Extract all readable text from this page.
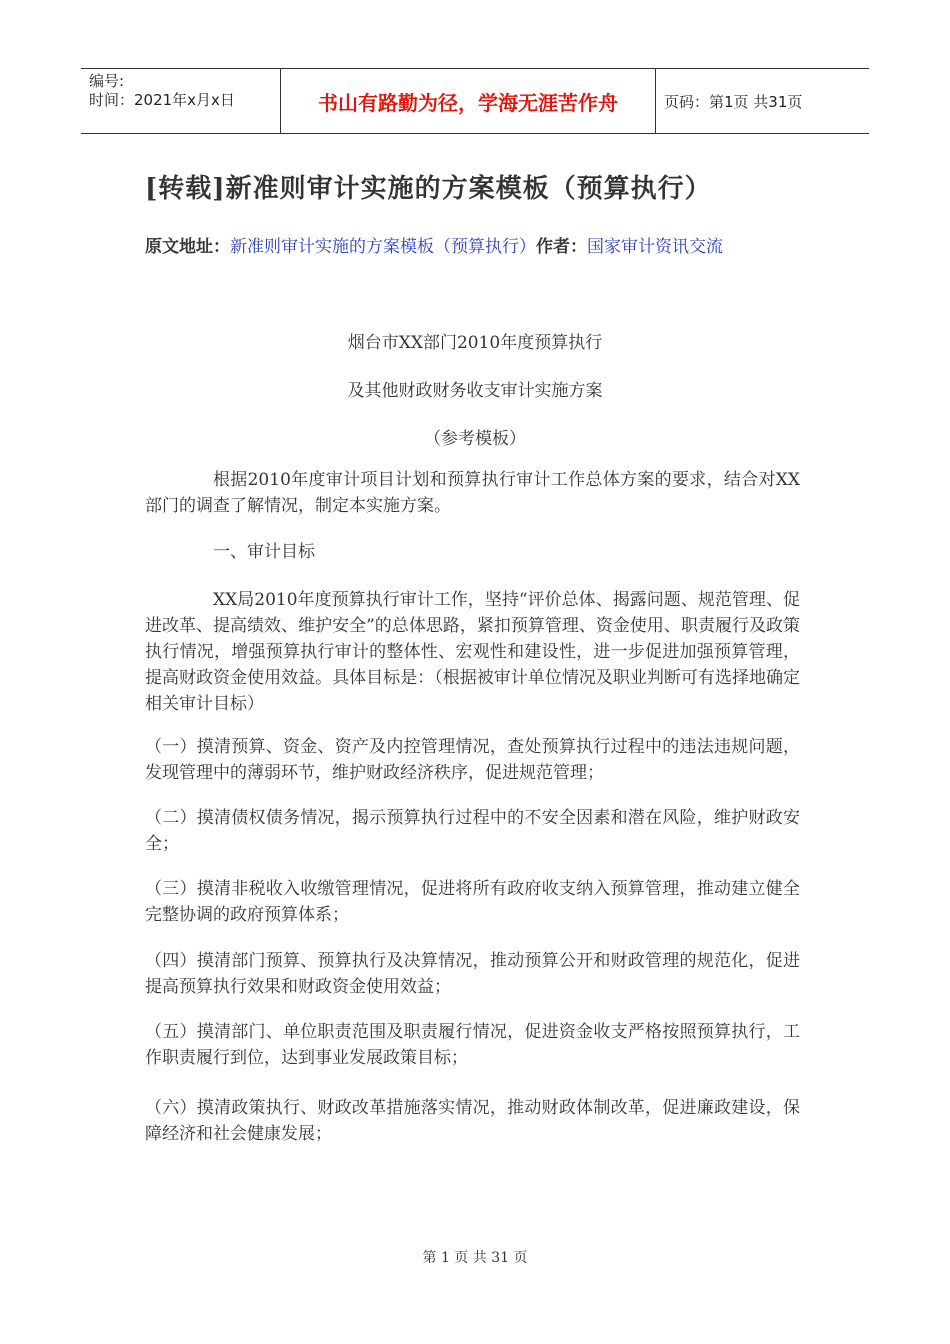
编号:
时间：2021年x月x日	书山有路勤为径，学海无涯苦作舟	页码：第1页 共31页
[转载]新准则审计实施的方案模板（预算执行）
原文地址：新准则审计实施的方案模板（预算执行）作者：国家审计资讯交流
烟台市XX部门2010年度预算执行
及其他财政财务收支审计实施方案
（参考模板）
根据2010年度审计项目计划和预算执行审计工作总体方案的要求，结合对XX部门的调查了解情况，制定本实施方案。
一、审计目标
XX局2010年度预算执行审计工作，坚持“评价总体、揭露问题、规范管理、促进改革、提高绩效、维护安全”的总体思路，紧扣预算管理、资金使用、职责履行及政策执行情况，增强预算执行审计的整体性、宏观性和建设性，进一步促进加强预算管理，提高财政资金使用效益。具体目标是：（根据被审计单位情况及职业判断可有选择地确定相关审计目标）
（一）摸清预算、资金、资产及内控管理情况，查处预算执行过程中的违法违规问题，发现管理中的薄弱环节，维护财政经济秩序，促进规范管理；
（二）摸清债权债务情况，揭示预算执行过程中的不安全因素和潜在风险，维护财政安全；
（三）摸清非税收入收缴管理情况，促进将所有政府收支纳入预算管理，推动建立健全完整协调的政府预算体系；
（四）摸清部门预算、预算执行及决算情况，推动预算公开和财政管理的规范化，促进提高预算执行效果和财政资金使用效益；
（五）摸清部门、单位职责范围及职责履行情况，促进资金收支严格按照预算执行，工作职责履行到位，达到事业发展政策目标；
（六）摸清政策执行、财政改革措施落实情况，推动财政体制改革，促进廉政建设，保障经济和社会健康发展；
第 1 页 共 31 页
